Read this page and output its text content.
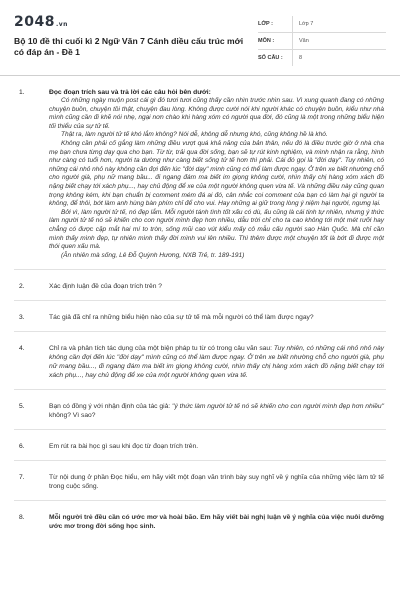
2048.vn
Bộ 10 đề thi cuối kì 2 Ngữ Văn 7 Cánh diều cấu trúc mới có đáp án - Đề 1
LỚP :	Lớp 7
MÔN :	Văn
SỐ CÂU :	8
1.	Đọc đoạn trích sau và trả lời các câu hỏi bên dưới:

Có những ngày muộn post cái gì đó tươi tươi cũng thấy cần nhìn trước nhìn sau. Vì xung quanh đang có những chuyện buồn, chuyện tồi thật, chuyện đau lòng. Không được cười nói khi người khác có chuyện buồn, kiểu như nhà mình cũng cần đi khẽ nói nhẹ, ngại nơn chào khi hàng xóm có người qua đời, đó cũng là một trong những biểu hiện tối thiểu của sự tử tế.

Thật ra, làm người tử tế khó lắm không? Nói dễ, không dễ nhưng khó, cũng không hề là khó.

Không cần phải cố gắng làm những điều vượt quá khả năng của bản thân, nếu đó là điều trước giờ ở nhà cha mẹ bạn chưa từng dạy qua cho bạn. Từ từ, trải qua đời sống, bạn sẽ tự rút kinh nghiệm, và mình nhận ra rằng, hình như càng có tuổi hơn, người ta dường như càng biết sống tử tế hơn thì phải. Cái đó gọi là "đời dạy". Tuy nhiên, có những cái nhỏ nhỏ này không cần đợi đến lúc "đời dạy" mình cũng có thể làm được ngay. Ở trên xe biết nhường chỗ cho người già, phụ nữ mang bầu... đi ngang đám ma biết im giọng không cười, nhìn thấy chị hàng xóm xách đồ nặng biết chạy tới xách phụ..., hay chủ động để xe của một người không quen vừa tế. Và những điều này cũng quan trọng không kém, khi bạn chuẩn bị comment mém đá ai đó, cân nhắc coi comment của bạn có làm hại gì người ta không, để thôi, bớt làm anh hùng bàn phím chỉ để cho vui. Hay những ai giữ trong lòng ý niệm hại người, ngưng lại.

Bởi vì, làm người tử tế, nó đẹp lắm. Mỗi người tánh tình tốt xấu có dù, ấu cũng là cái tinh tự nhiên, nhưng ý thức làm người tử tế nó sẽ khiến cho con người mình đẹp hơn nhiều, dẫu trời chỉ cho ta cao không tới một mét rưỡi hay chẳng có được cặp mắt hai mí to tròn, sống mũi cao vút kiểu mấy cô mẫu cấu người sao Hàn Quốc. Mà chỉ cần mình thấy mình đẹp, tự nhiên mình thấy đời mình vui lên nhiều. Thì thêm được một chuyện tốt là bớt đi được một thói quen xấu mà.

(Ân nhiên mà sống, Lê Đỗ Quỳnh Hương, NXB Trẻ, tr. 189-191)

2.	Xác định luận đề của đoạn trích trên ?
3.	Tác giả đã chỉ ra những biểu hiện nào của sự tử tế mà mỗi người có thể làm được ngay?
4.	Chỉ ra và phân tích tác dụng của một biện pháp tu từ có trong câu văn sau: Tuy nhiên, có những cái nhỏ nhỏ này không cần đợi đến lúc "đời dạy" mình cũng có thể làm được ngay. Ở trên xe biết nhường chỗ cho người già, phụ nữ mang bầu..., đi ngang đám ma biết im giọng không cười, nhìn thấy chị hàng xóm xách đồ nặng biết chạy tới xách phụ..., hay chủ động để xe của một người không quen vừa tế.
5.	Bạn có đồng ý với nhận định của tác giả: "ý thức làm người tử tế nó sẽ khiến cho con người mình đẹp hơn nhiều" không? Vì sao?
6.	Em rút ra bài học gì sau khi đọc từ đoạn trích trên.
7.	Từ nội dung ở phần Đọc hiểu, em hãy viết một đoạn văn trình bày suy nghĩ về ý nghĩa của những việc làm tử tế trong cuộc sống.
8.	Mỗi người trẻ đều cần có ước mơ và hoài bão. Em hãy viết bài nghị luận về ý nghĩa của việc nuôi dưỡng ước mơ trong đời sống học sinh.
